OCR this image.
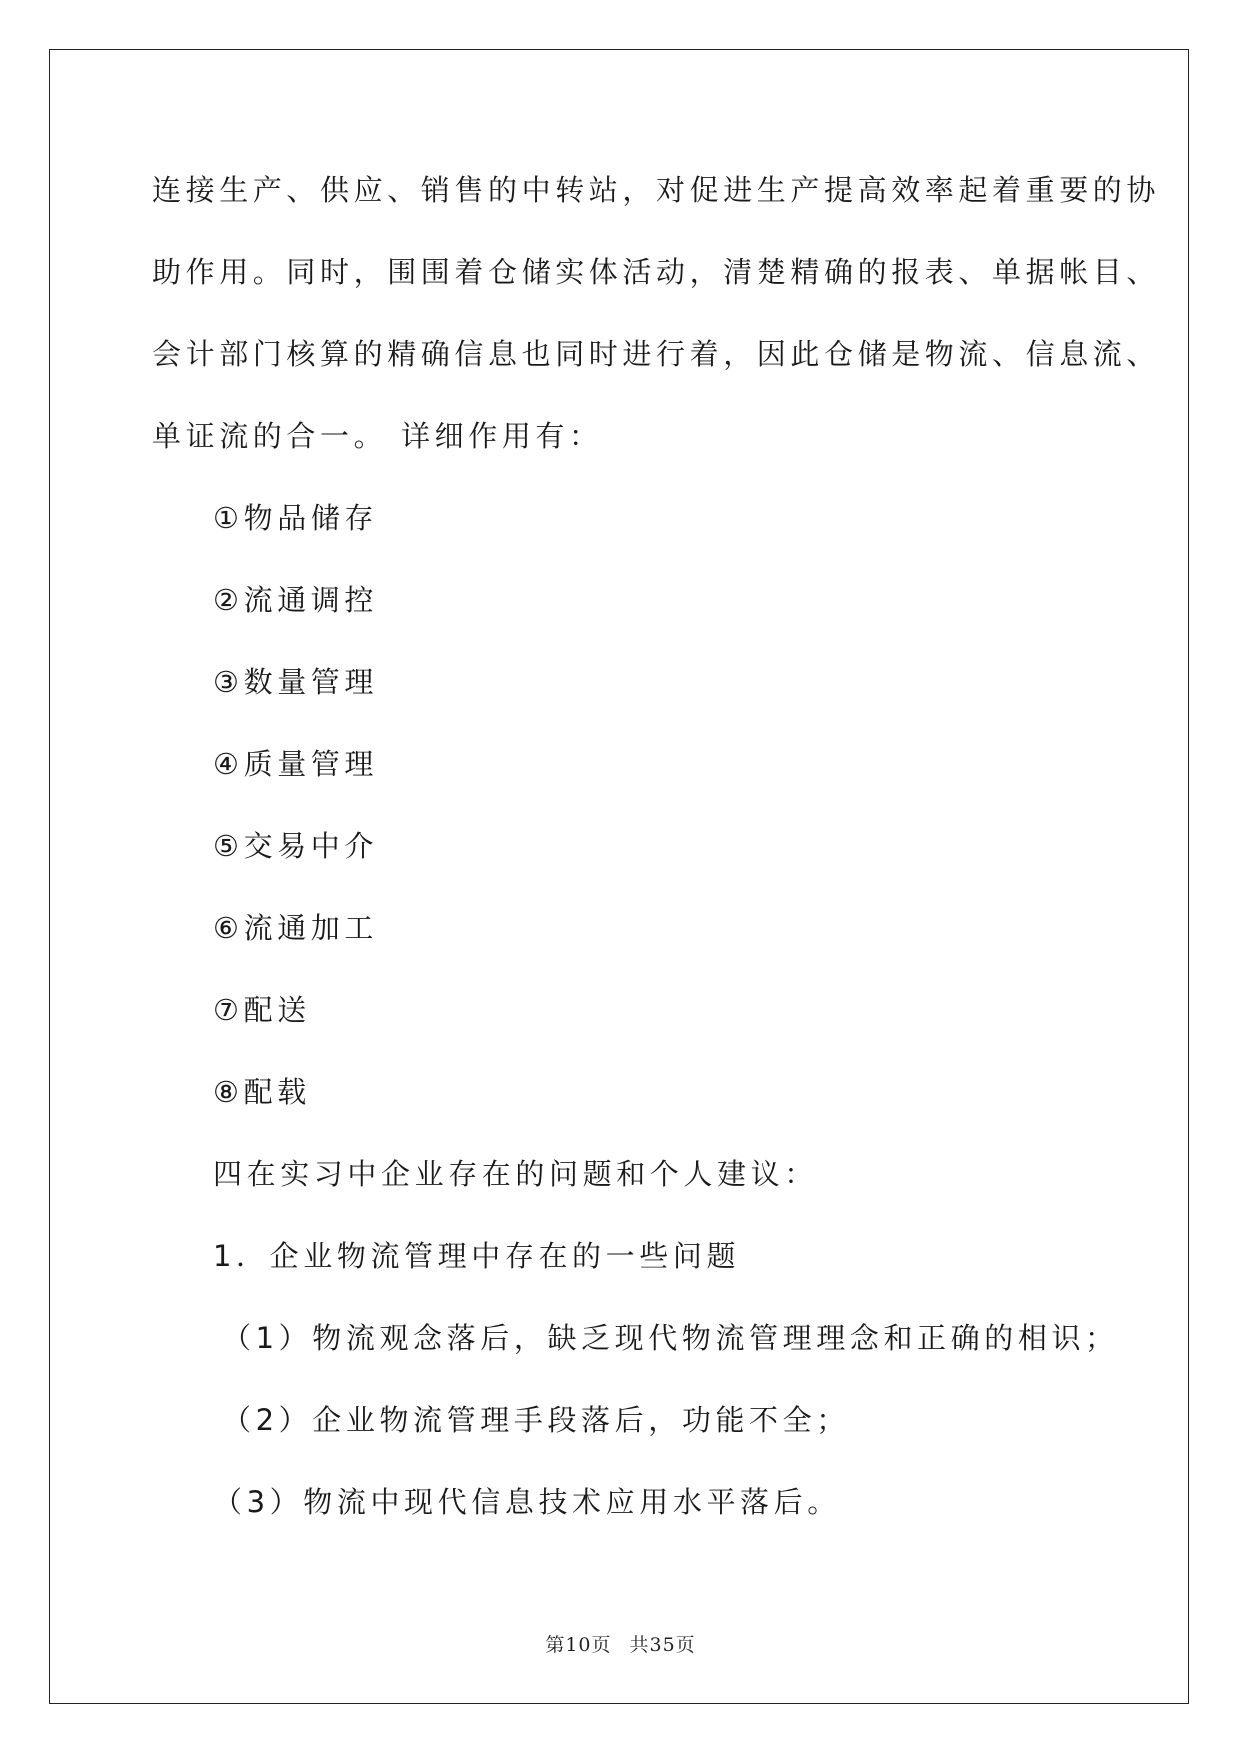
连接生产、供应、销售的中转站，对促进生产提高效率起着重要的协
助作用。同时，围围着仓储实体活动，清楚精确的报表、单据帐目、
会计部门核算的精确信息也同时进行着，因此仓储是物流、信息流、
单证流的合一。 详细作用有：
①物品储存
②流通调控
③数量管理
④质量管理
⑤交易中介
⑥流通加工
⑦配送
⑧配载
四在实习中企业存在的问题和个人建议：
1．企业物流管理中存在的一些问题
（1）物流观念落后，缺乏现代物流管理理念和正确的相识；
（2）企业物流管理手段落后，功能不全；
（3）物流中现代信息技术应用水平落后。
第10页 共35页
